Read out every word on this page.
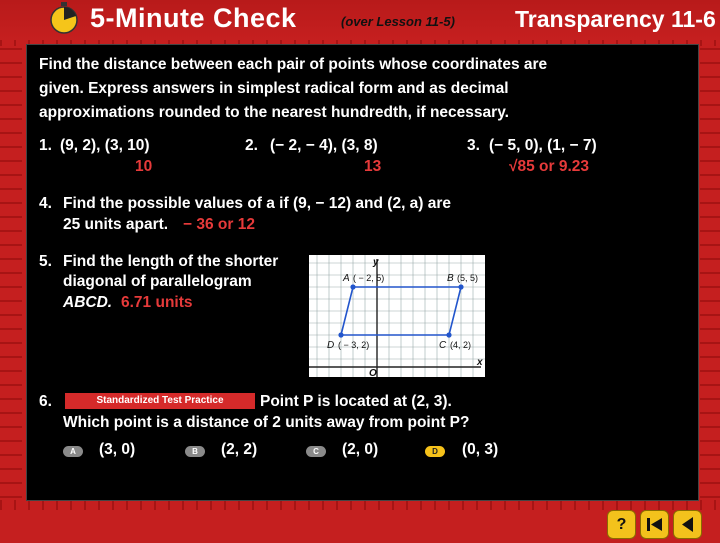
5-Minute Check	(over Lesson 11-5)	Transparency 11-6
Find the distance between each pair of points whose coordinates are
given. Express answers in simplest radical form and as decimal
approximations rounded to the nearest hundredth, if necessary.
1. (9, 2), (3, 10)
10
2. (− 2, − 4), (3, 8)
13
3. (− 5, 0), (1, − 7)
√85 or 9.23
4. Find the possible values of a if (9, − 12) and (2, a) are
25 units apart. − 36 or 12
5. Find the length of the shorter
diagonal of parallelogram
ABCD. 6.71 units
A ( − 2, 5)	B (5, 5)
C (4, 2)
D ( − 3, 2)
x
y
O
6.	Standardized Test Practice	Point P is located at (2, 3).
Which point is a distance of 2 units away from point P?
A	(3, 0)	B	(2, 2)	C	(2, 0)	D	(0, 3)
?
